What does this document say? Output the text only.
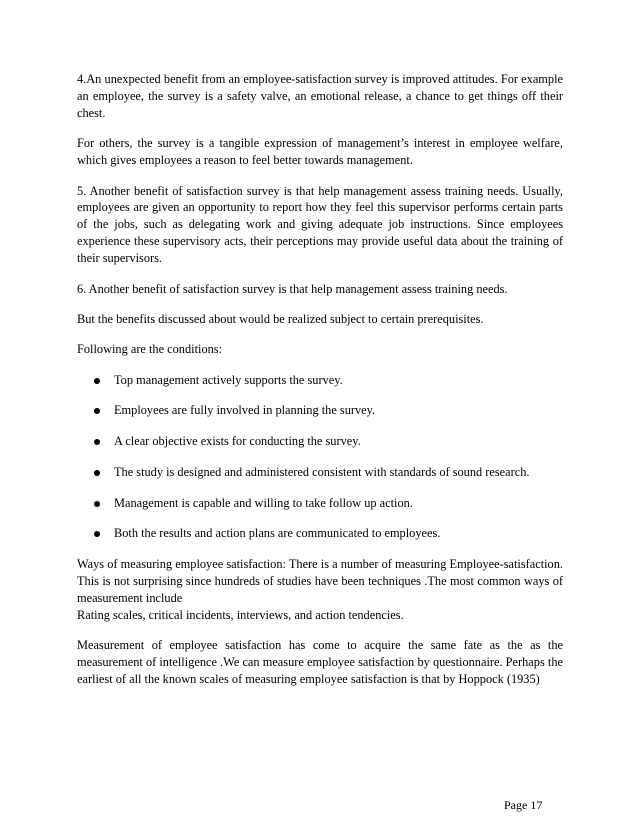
4.An unexpected benefit from an employee-satisfaction survey is improved attitudes. For example an employee, the survey is a safety valve, an emotional release, a chance to get things off their chest.

For others, the survey is a tangible expression of management’s interest in employee welfare, which gives employees a reason to feel better towards management.

5. Another benefit of satisfaction survey is that help management assess training needs. Usually, employees are given an opportunity to report how they feel this supervisor performs certain parts of the jobs, such as delegating work and giving adequate job instructions. Since employees experience these supervisory acts, their perceptions may provide useful data about the training of their supervisors.

6. Another benefit of satisfaction survey is that help management assess training needs.

But the benefits discussed about would be realized subject to certain prerequisites.

Following are the conditions:

Top management actively supports the survey.
Employees are fully involved in planning the survey.
A clear objective exists for conducting the survey.
The study is designed and administered consistent with standards of sound research.
Management is capable and willing to take follow up action.
Both the results and action plans are communicated to employees.

Ways of measuring employee satisfaction: There is a number of measuring Employee-satisfaction. This is not surprising since hundreds of studies have been techniques .The most common ways of measurement include

Rating scales, critical incidents, interviews, and action tendencies.

Measurement of employee satisfaction has come to acquire the same fate as the as the measurement of intelligence .We can measure employee satisfaction by questionnaire. Perhaps the earliest of all the known scales of measuring employee satisfaction is that by Hoppock (1935)

Page 17
